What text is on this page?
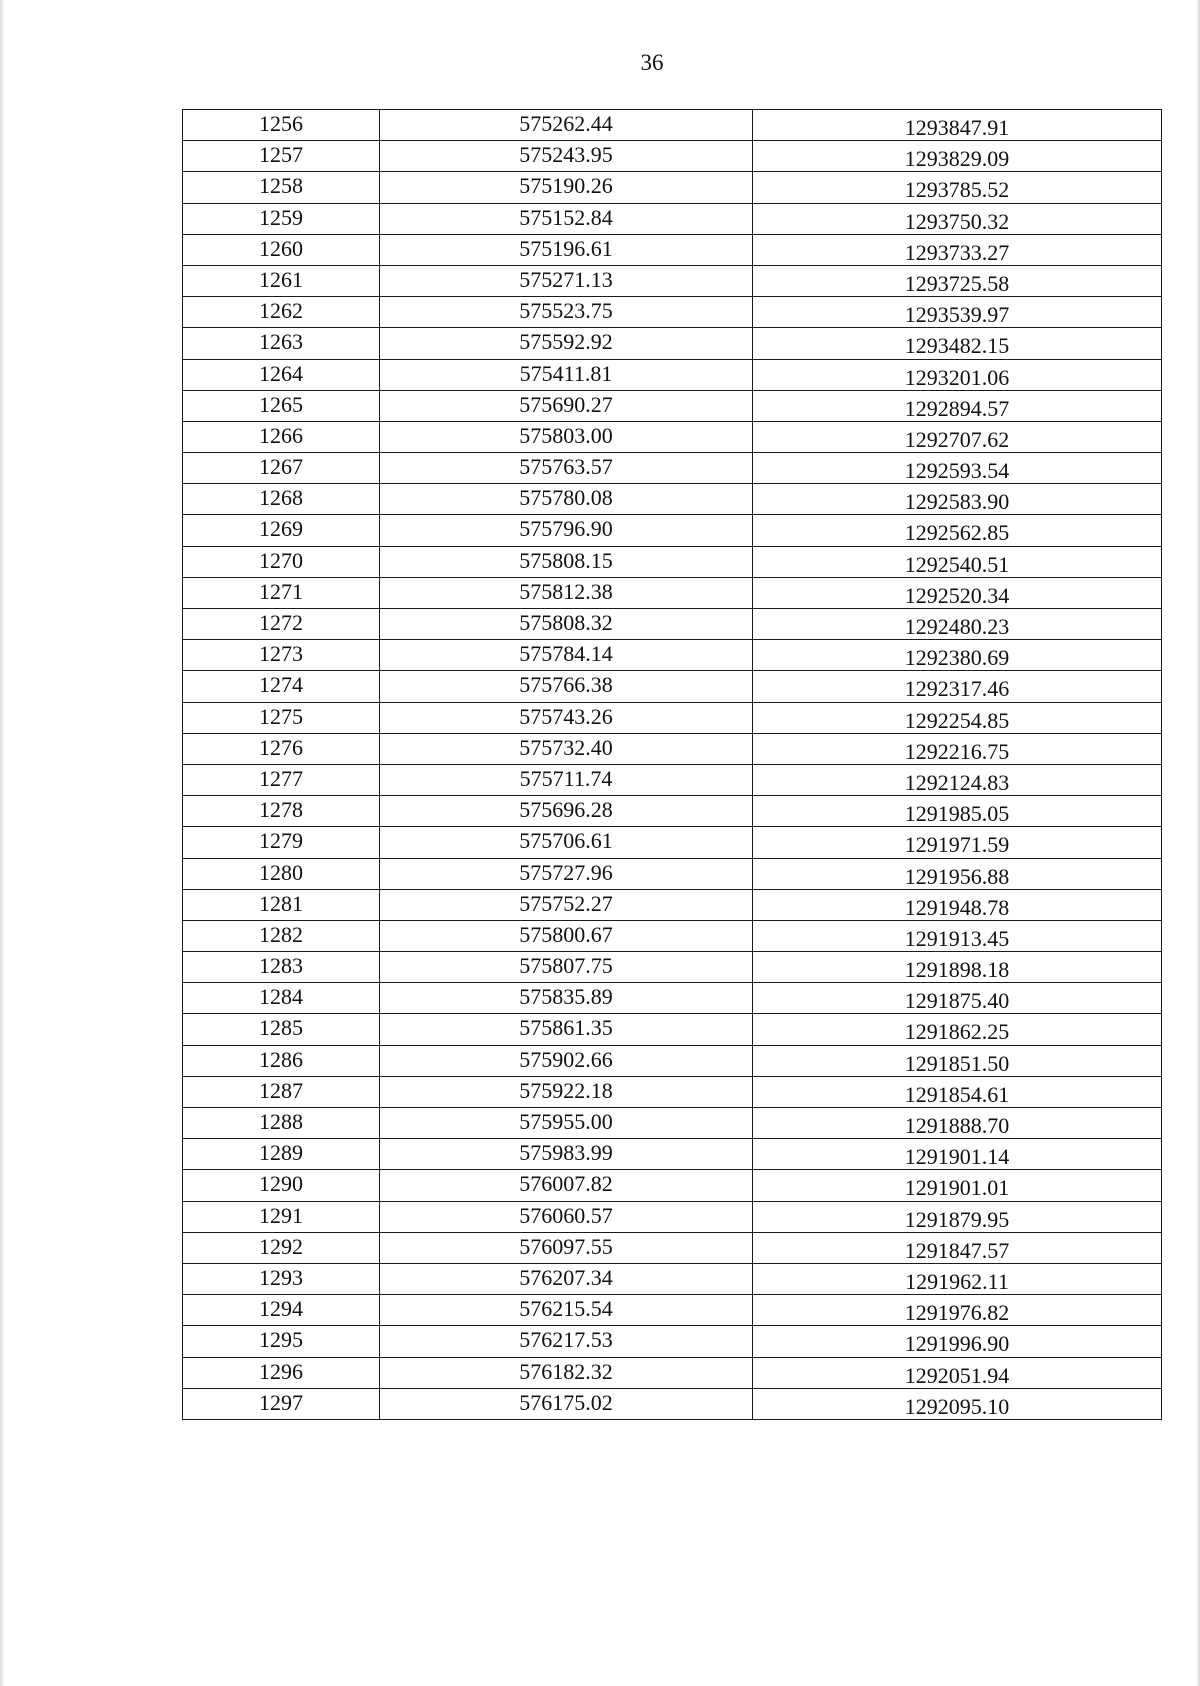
36
1256	575262.44	1293847.91
1257	575243.95	1293829.09
1258	575190.26	1293785.52
1259	575152.84	1293750.32
1260	575196.61	1293733.27
1261	575271.13	1293725.58
1262	575523.75	1293539.97
1263	575592.92	1293482.15
1264	575411.81	1293201.06
1265	575690.27	1292894.57
1266	575803.00	1292707.62
1267	575763.57	1292593.54
1268	575780.08	1292583.90
1269	575796.90	1292562.85
1270	575808.15	1292540.51
1271	575812.38	1292520.34
1272	575808.32	1292480.23
1273	575784.14	1292380.69
1274	575766.38	1292317.46
1275	575743.26	1292254.85
1276	575732.40	1292216.75
1277	575711.74	1292124.83
1278	575696.28	1291985.05
1279	575706.61	1291971.59
1280	575727.96	1291956.88
1281	575752.27	1291948.78
1282	575800.67	1291913.45
1283	575807.75	1291898.18
1284	575835.89	1291875.40
1285	575861.35	1291862.25
1286	575902.66	1291851.50
1287	575922.18	1291854.61
1288	575955.00	1291888.70
1289	575983.99	1291901.14
1290	576007.82	1291901.01
1291	576060.57	1291879.95
1292	576097.55	1291847.57
1293	576207.34	1291962.11
1294	576215.54	1291976.82
1295	576217.53	1291996.90
1296	576182.32	1292051.94
1297	576175.02	1292095.10
